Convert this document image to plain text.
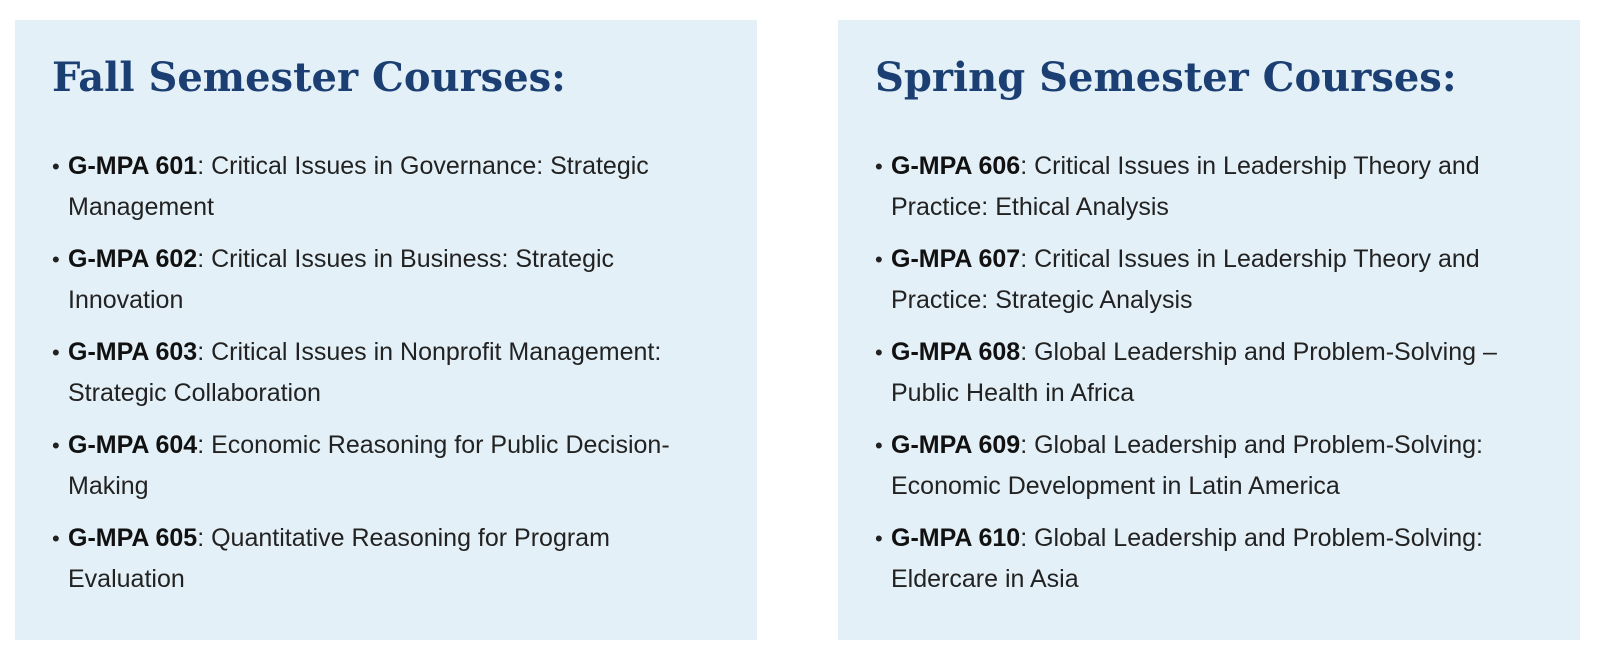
Fall Semester Courses:
• G-MPA 601: Critical Issues in Governance: Strategic Management
• G-MPA 602: Critical Issues in Business: Strategic Innovation
• G-MPA 603: Critical Issues in Nonprofit Management: Strategic Collaboration
• G-MPA 604: Economic Reasoning for Public Decision-Making
• G-MPA 605: Quantitative Reasoning for Program Evaluation
Spring Semester Courses:
• G-MPA 606: Critical Issues in Leadership Theory and Practice: Ethical Analysis
• G-MPA 607: Critical Issues in Leadership Theory and Practice: Strategic Analysis
• G-MPA 608: Global Leadership and Problem-Solving – Public Health in Africa
• G-MPA 609: Global Leadership and Problem-Solving: Economic Development in Latin America
• G-MPA 610: Global Leadership and Problem-Solving: Eldercare in Asia
